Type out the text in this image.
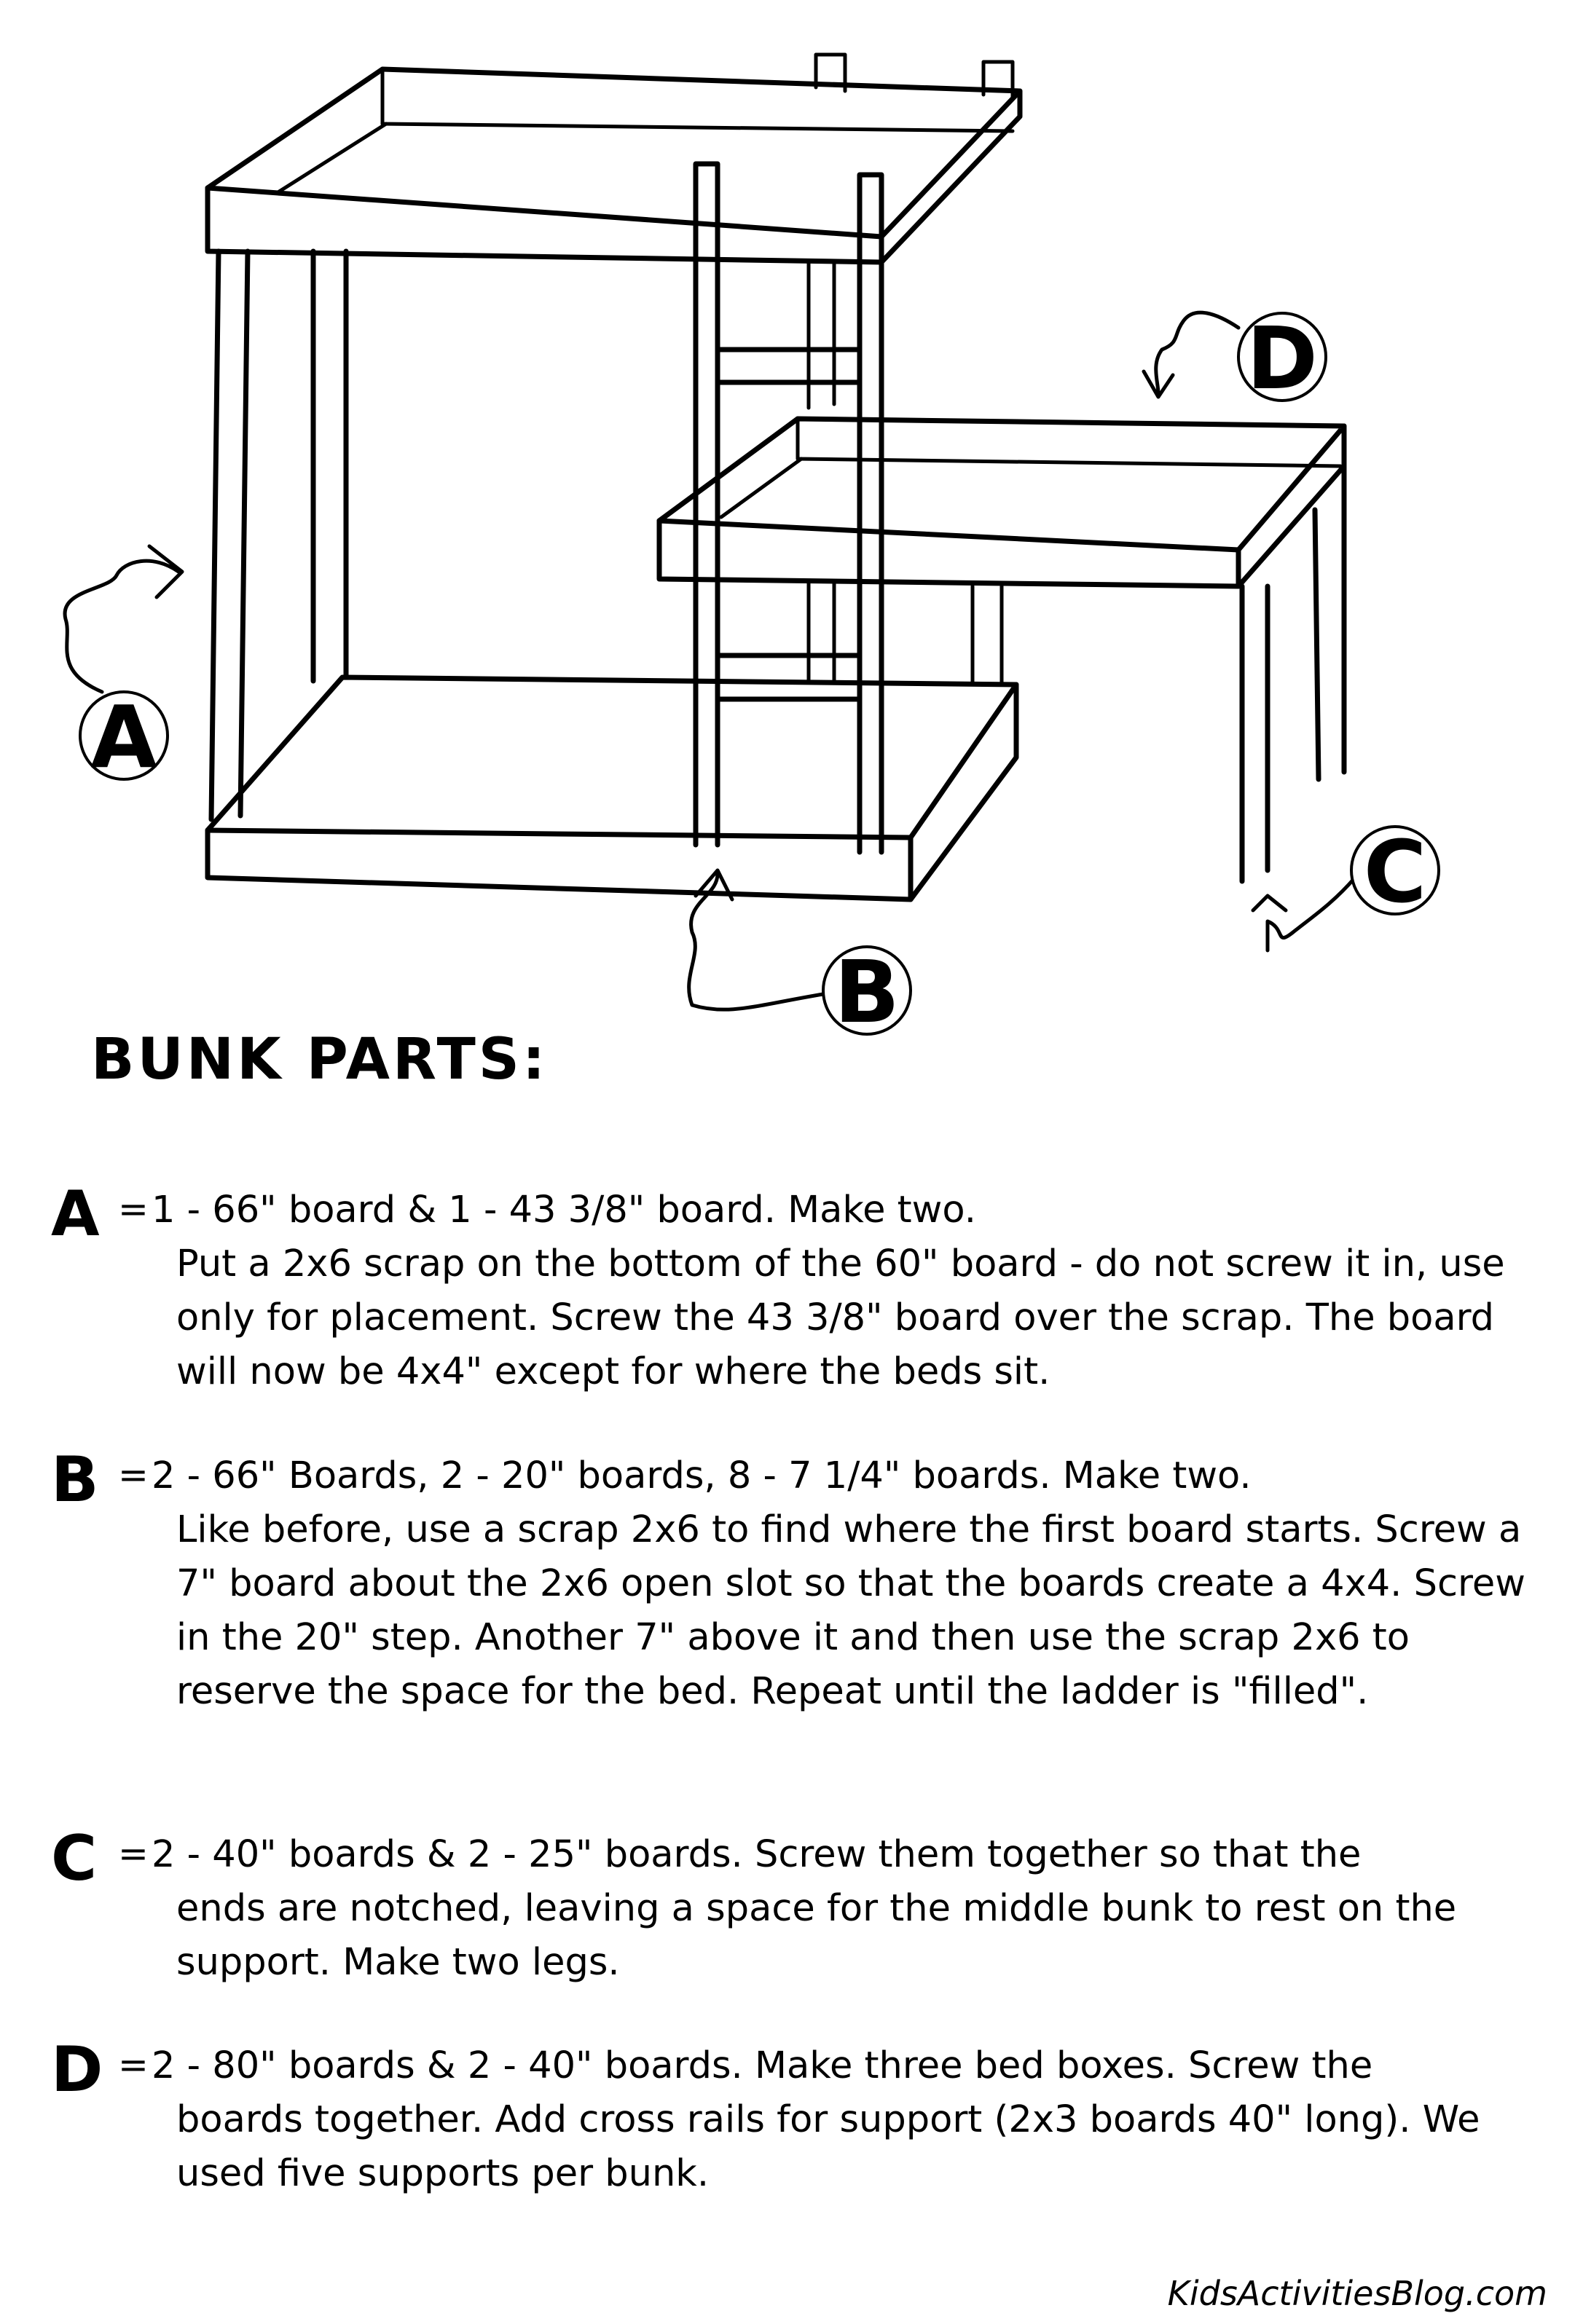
A
B
C
D
BUNK PARTS:
A = 1 - 66" board & 1 - 43 3/8" board. Make two.
Put a 2x6 scrap on the bottom of the 60" board - do not screw it in, use only for placement. Screw the 43 3/8" board over the scrap. The board will now be 4x4" except for where the beds sit.

B = 2 - 66" Boards, 2 - 20" boards, 8 - 7 1/4" boards. Make two.
Like before, use a scrap 2x6 to find where the first board starts. Screw a 7" board about the 2x6 open slot so that the boards create a 4x4. Screw in the 20" step. Another 7" above it and then use the scrap 2x6 to reserve the space for the bed. Repeat until the ladder is "filled".

C = 2 - 40" boards & 2 - 25" boards. Screw them together so that the
ends are notched, leaving a space for the middle bunk to rest on the support. Make two legs.

D = 2 - 80" boards & 2 - 40" boards. Make three bed boxes. Screw the
boards together. Add cross rails for support (2x3 boards 40" long). We used five supports per bunk.

KidsActivitiesBlog.com
